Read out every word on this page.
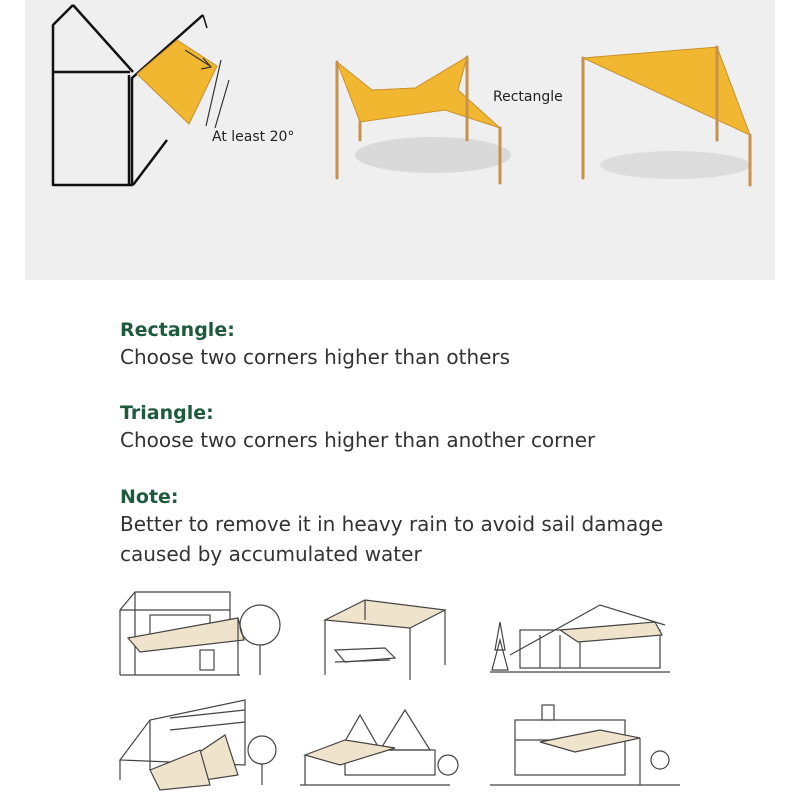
At least 20°
Rectangle
Rectangle:
Choose two corners higher than others
Triangle:
Choose two corners higher than another corner
Note:
Better to remove it in heavy rain to avoid sail damage
caused by accumulated water
